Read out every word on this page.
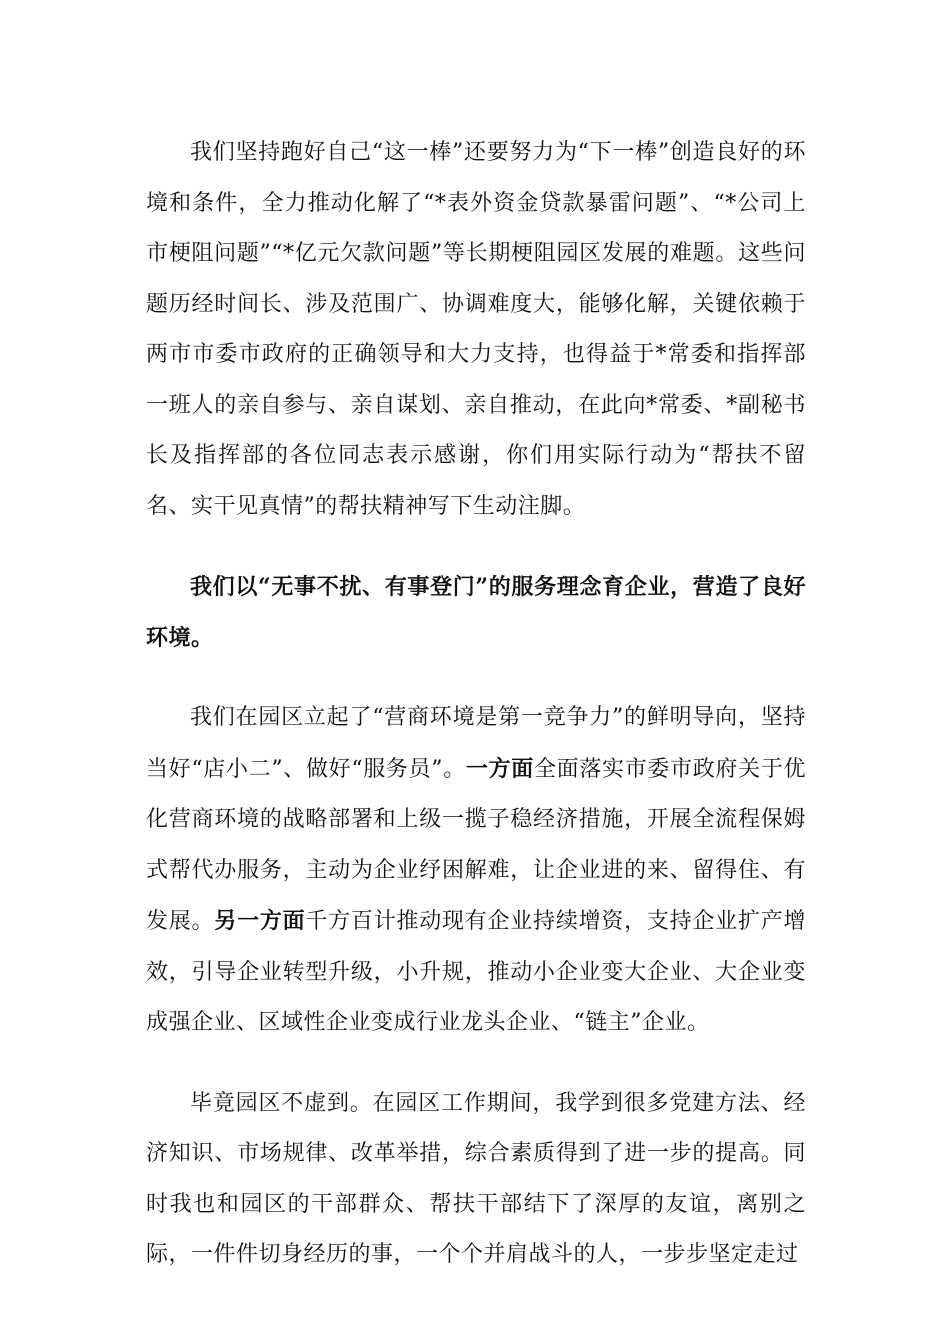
我们坚持跑好自己“这一棒”还要努力为“下一棒”创造良好的环境和条件，全力推动化解了“*表外资金贷款暴雷问题”、“*公司上市梗阻问题”“*亿元欠款问题”等长期梗阻园区发展的难题。这些问题历经时间长、涉及范围广、协调难度大，能够化解，关键依赖于两市市委市政府的正确领导和大力支持，也得益于*常委和指挥部一班人的亲自参与、亲自谋划、亲自推动，在此向*常委、*副秘书长及指挥部的各位同志表示感谢，你们用实际行动为“帮扶不留名、实干见真情”的帮扶精神写下生动注脚。

我们以“无事不扰、有事登门”的服务理念育企业，营造了良好环境。

我们在园区立起了“营商环境是第一竞争力”的鲜明导向，坚持当好“店小二”、做好“服务员”。一方面全面落实市委市政府关于优化营商环境的战略部署和上级一揽子稳经济措施，开展全流程保姆式帮代办服务，主动为企业纾困解难，让企业进的来、留得住、有发展。另一方面千方百计推动现有企业持续增资，支持企业扩产增效，引导企业转型升级，小升规，推动小企业变大企业、大企业变成强企业、区域性企业变成行业龙头企业、“链主”企业。

毕竟园区不虚到。在园区工作期间，我学到很多党建方法、经济知识、市场规律、改革举措，综合素质得到了进一步的提高。同时我也和园区的干部群众、帮扶干部结下了深厚的友谊，离别之际，一件件切身经历的事，一个个并肩战斗的人，一步步坚定走过
